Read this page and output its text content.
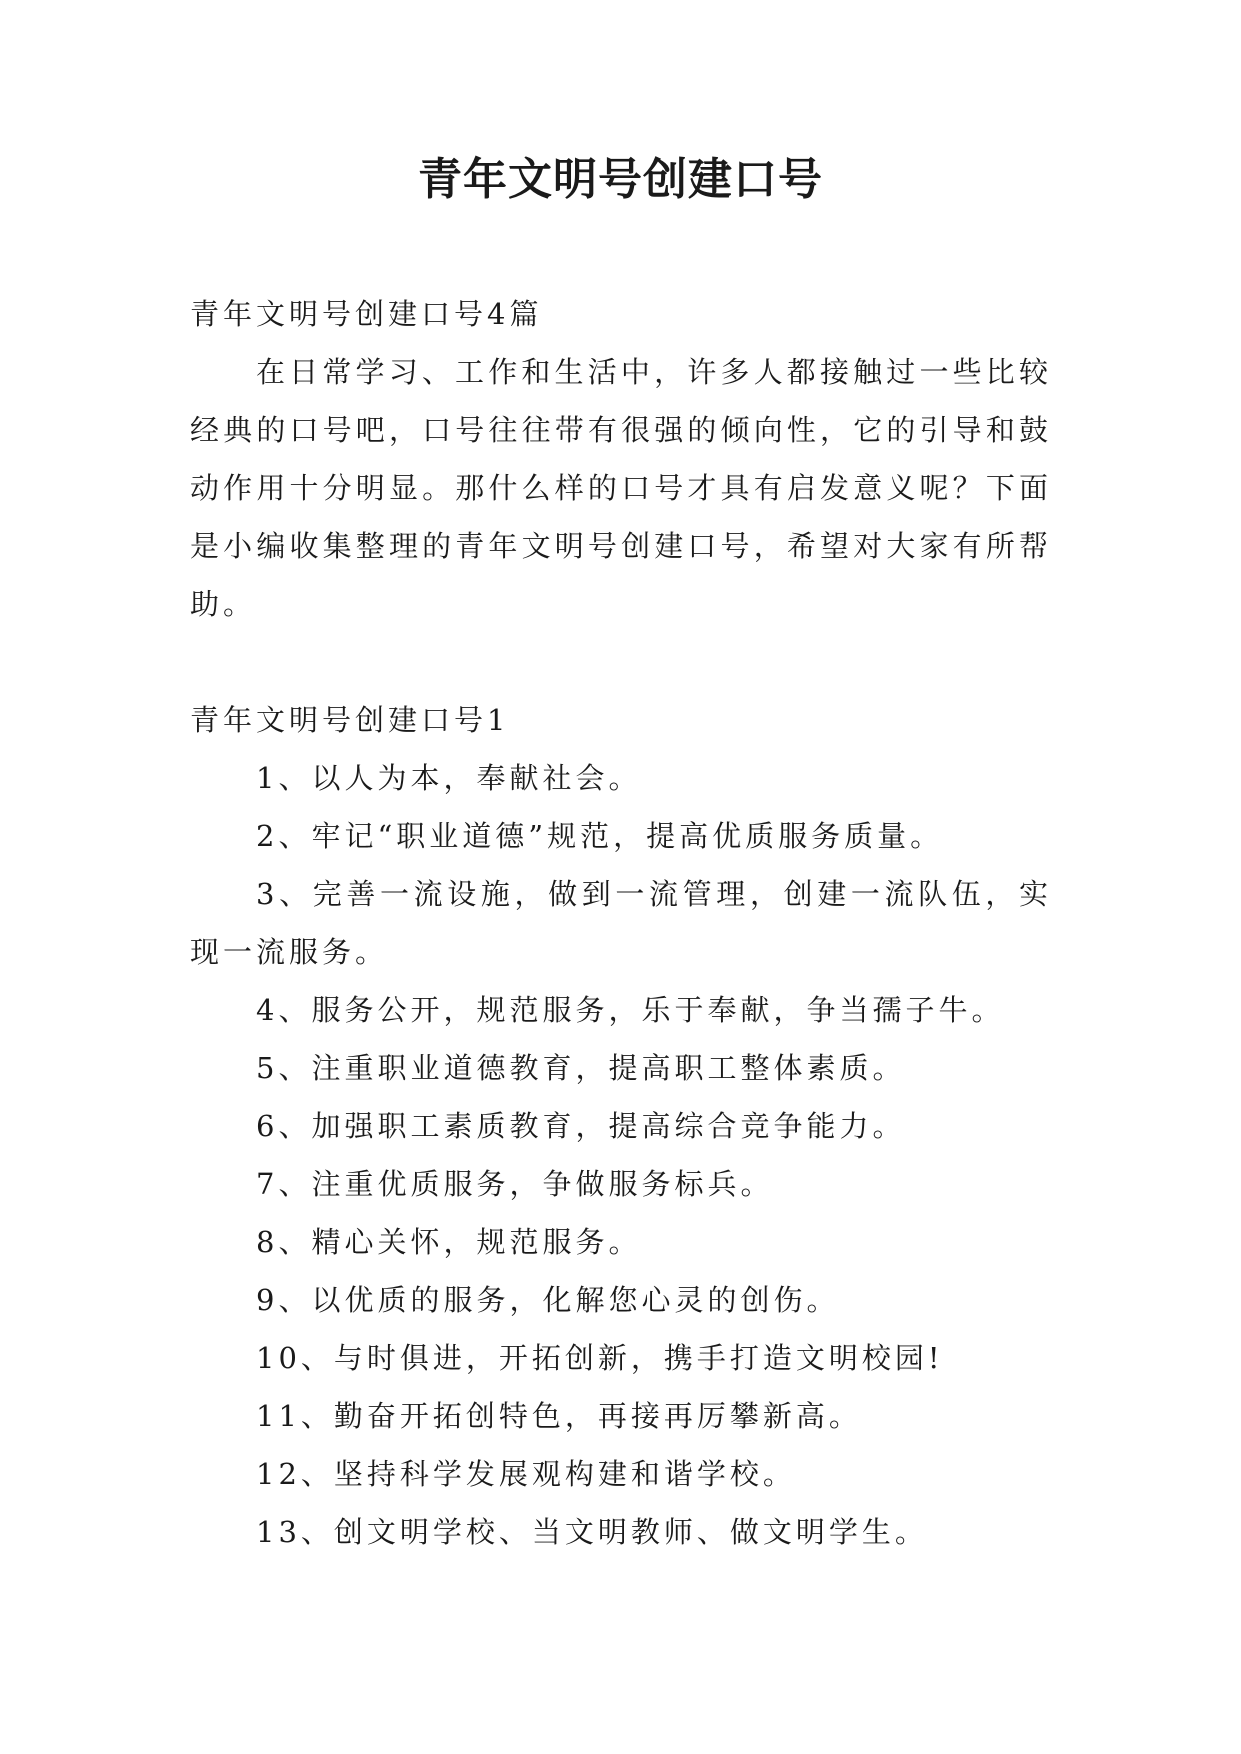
青年文明号创建口号

青年文明号创建口号4篇

在日常学习、工作和生活中，许多人都接触过一些比较经典的口号吧，口号往往带有很强的倾向性，它的引导和鼓动作用十分明显。那什么样的口号才具有启发意义呢？下面是小编收集整理的青年文明号创建口号，希望对大家有所帮助。

青年文明号创建口号1

1、以人为本，奉献社会。
2、牢记“职业道德”规范，提高优质服务质量。
3、完善一流设施，做到一流管理，创建一流队伍，实现一流服务。
4、服务公开，规范服务，乐于奉献，争当孺子牛。
5、注重职业道德教育，提高职工整体素质。
6、加强职工素质教育，提高综合竞争能力。
7、注重优质服务，争做服务标兵。
8、精心关怀，规范服务。
9、以优质的服务，化解您心灵的创伤。
10、与时俱进，开拓创新，携手打造文明校园!
11、勤奋开拓创特色，再接再厉攀新高。
12、坚持科学发展观构建和谐学校。
13、创文明学校、当文明教师、做文明学生。
